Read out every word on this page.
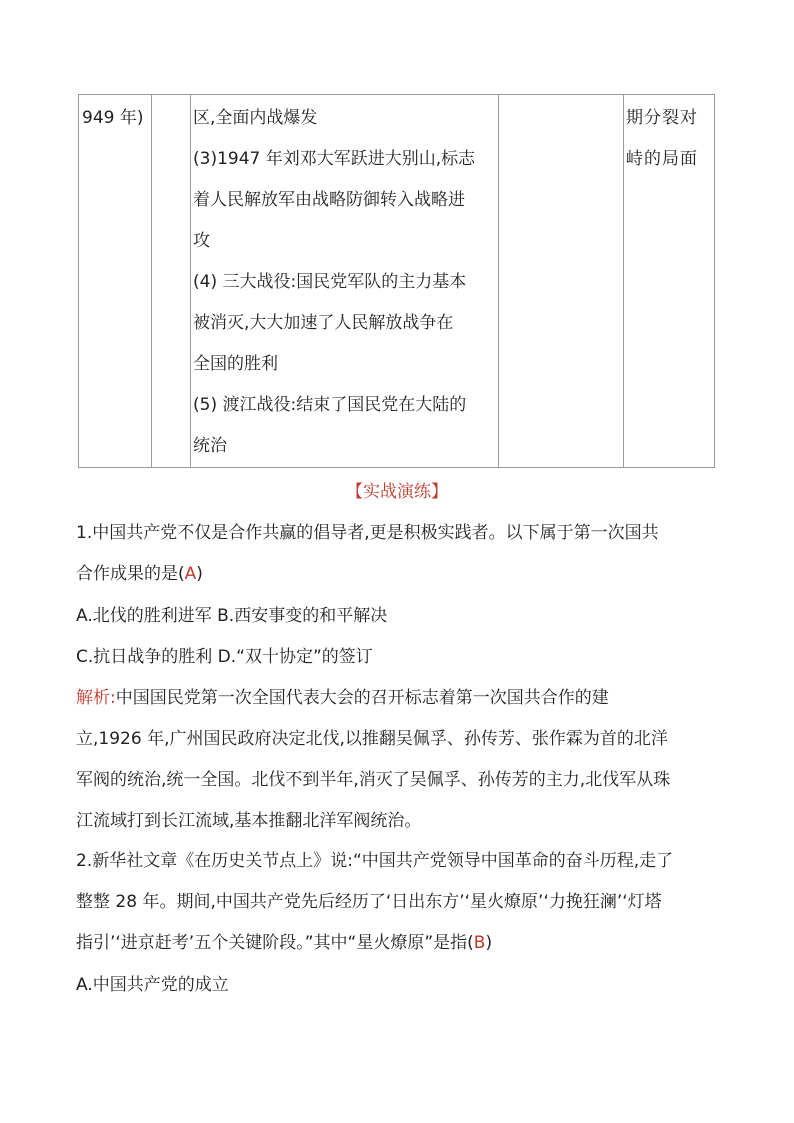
949 年)	区,全面内战爆发
(3)1947 年刘邓大军跃进大别山,标志
着人民解放军由战略防御转入战略进
攻
(4) 三大战役:国民党军队的主力基本
被消灭,大大加速了人民解放战争在
全国的胜利
(5) 渡江战役:结束了国民党在大陆的
统治
期分裂对
峙的局面
【实战演练】
1.中国共产党不仅是合作共赢的倡导者,更是积极实践者。以下属于第一次国共
合作成果的是(A)
A.北伐的胜利进军 B.西安事变的和平解决
C.抗日战争的胜利 D.“双十协定”的签订
解析:中国国民党第一次全国代表大会的召开标志着第一次国共合作的建
立,1926 年,广州国民政府决定北伐,以推翻吴佩孚、孙传芳、张作霖为首的北洋
军阀的统治,统一全国。北伐不到半年,消灭了吴佩孚、孙传芳的主力,北伐军从珠
江流域打到长江流域,基本推翻北洋军阀统治。
2.新华社文章《在历史关节点上》说:“中国共产党领导中国革命的奋斗历程,走了
整整 28 年。期间,中国共产党先后经历了‘日出东方’‘星火燎原’‘力挽狂澜’‘灯塔
指引’‘进京赶考’五个关键阶段。”其中“星火燎原”是指(B)
A.中国共产党的成立
